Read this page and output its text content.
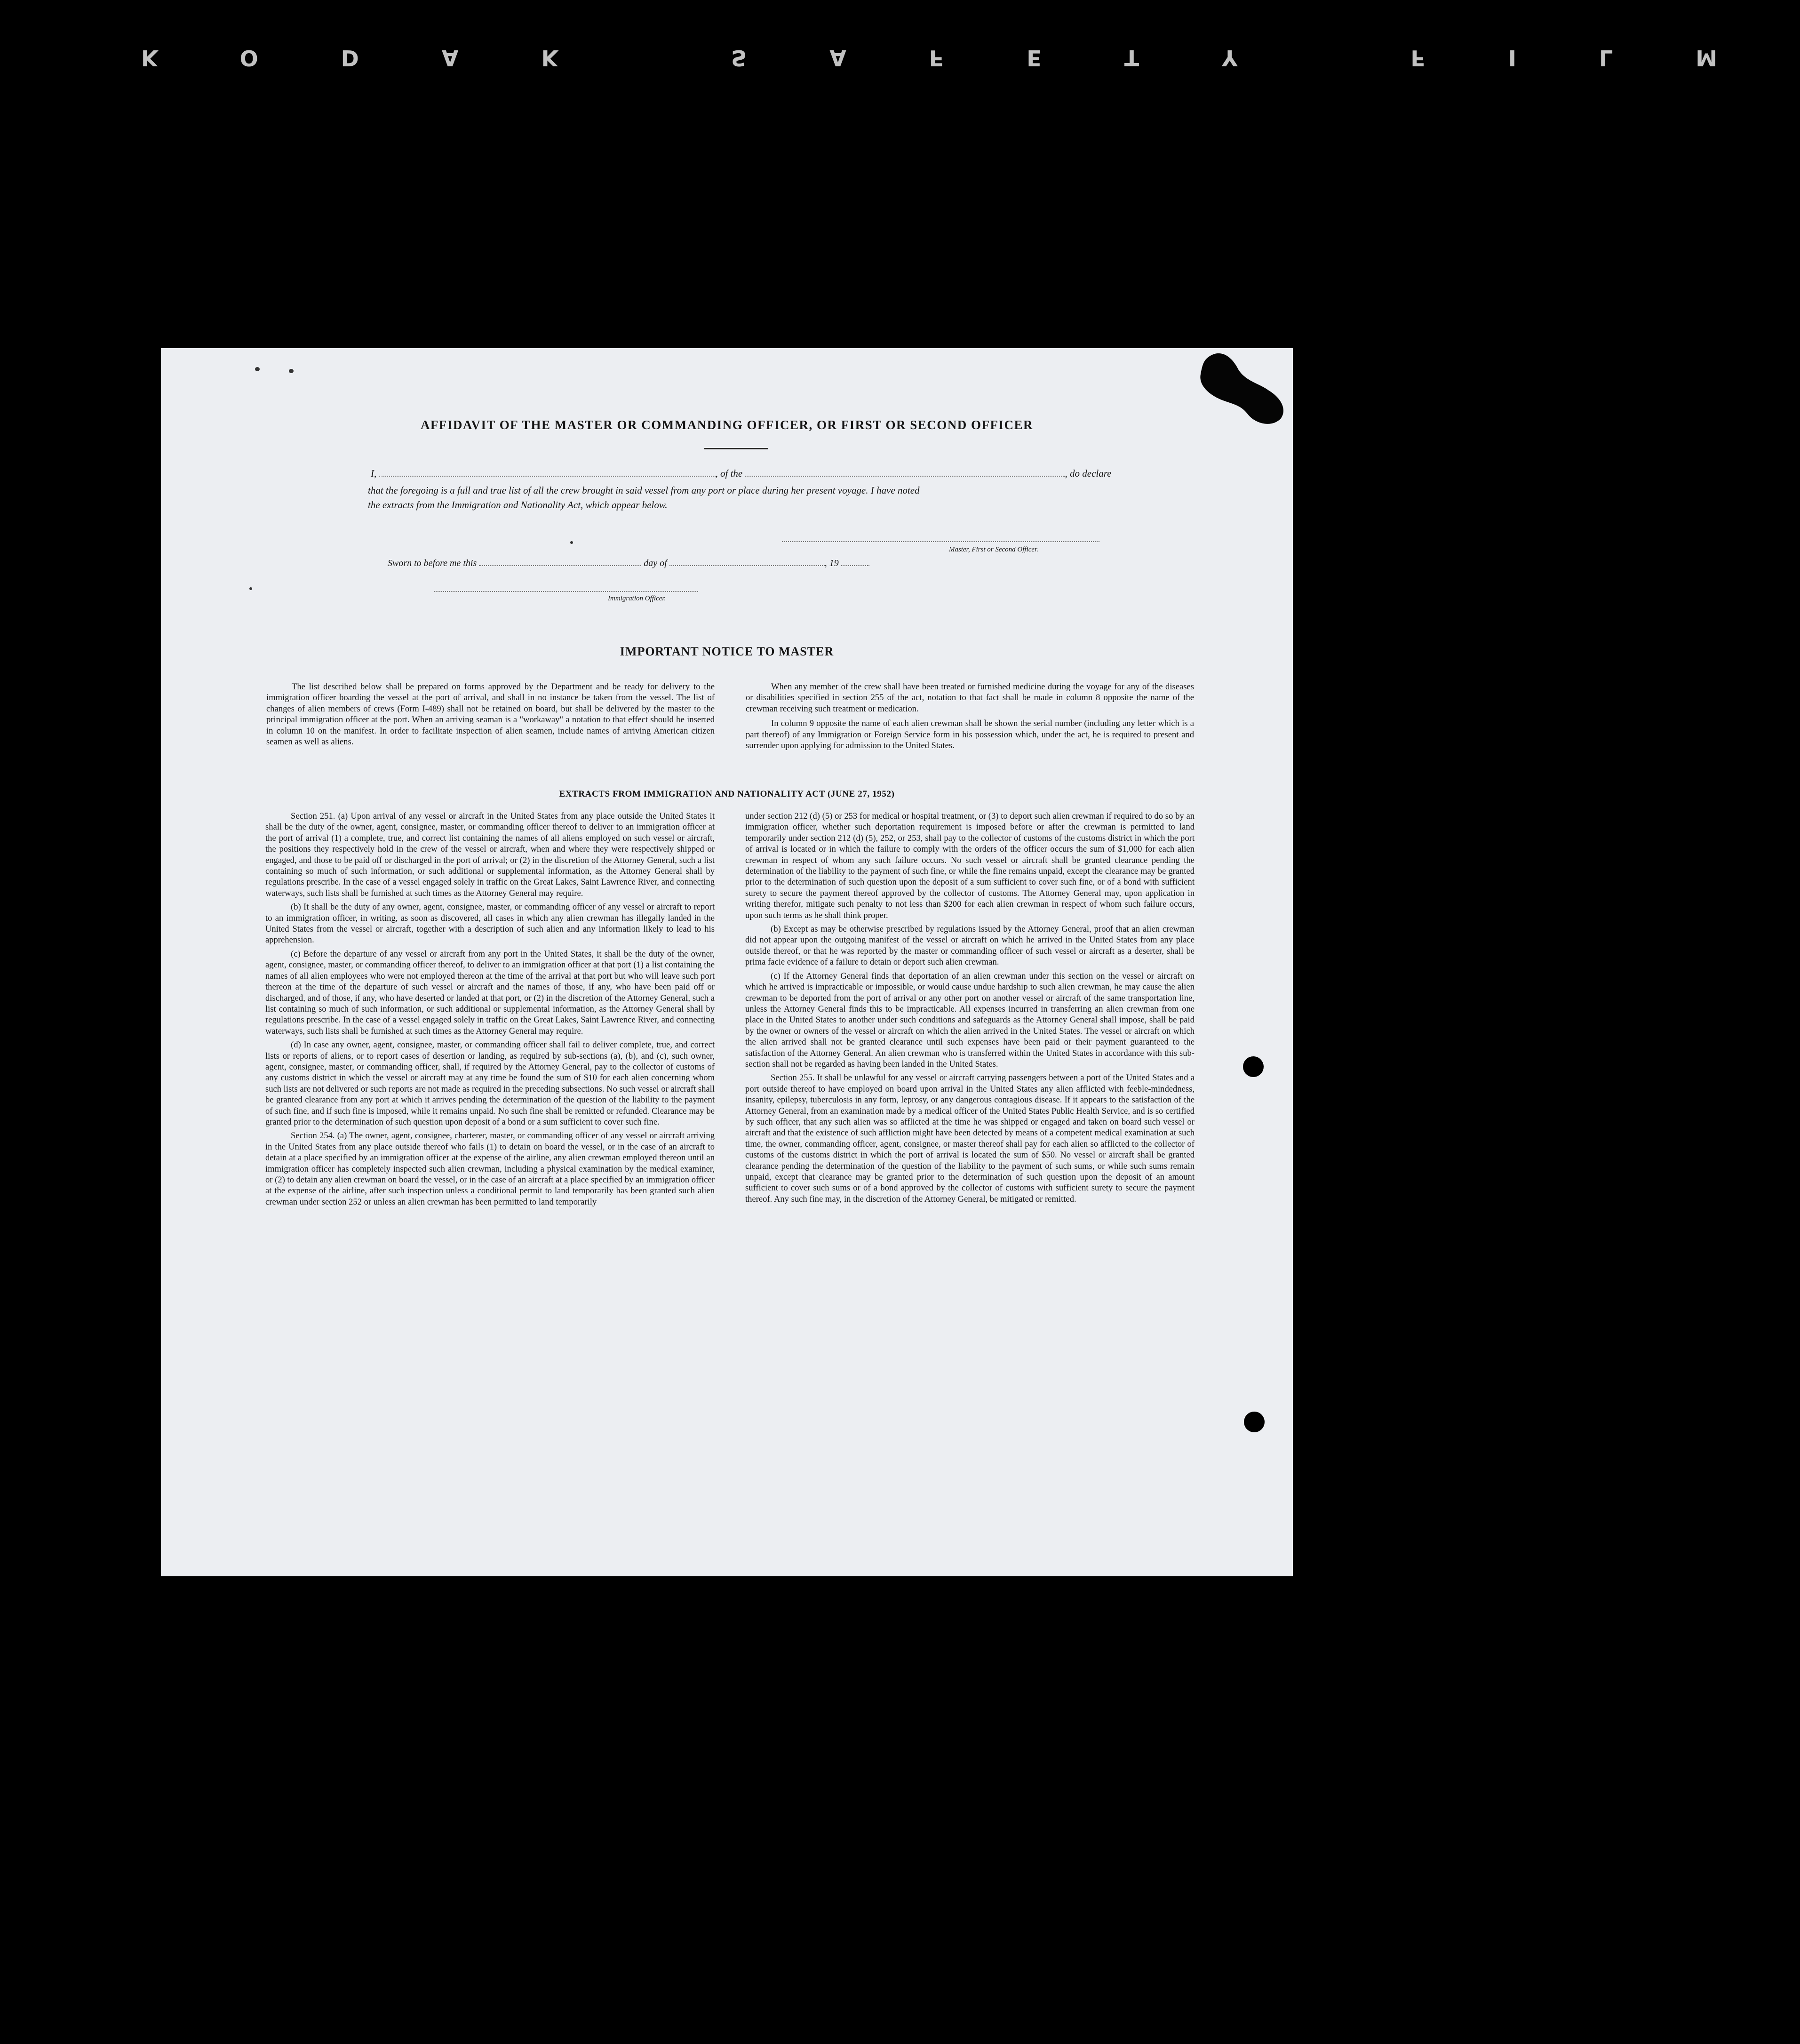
KODAK SAFETY FILM
AFFIDAVIT OF THE MASTER OR COMMANDING OFFICER, OR FIRST OR SECOND OFFICER
I,	, of the	, do declare
that the foregoing is a full and true list of all the crew brought in said vessel from any port or place during her present voyage. I have noted
the extracts from the Immigration and Nationality Act, which appear below.
Master, First or Second Officer.
Sworn to before me this	day of	, 19
Immigration Officer.
IMPORTANT NOTICE TO MASTER

The list described below shall be prepared on forms approved by the Department and be ready for delivery to the immigration officer boarding the vessel at the port of arrival, and shall in no instance be taken from the vessel. The list of changes of alien members of crews (Form I-489) shall not be retained on board, but shall be delivered by the master to the principal immigration officer at the port. When an arriving seaman is a "workaway" a notation to that effect should be inserted in column 10 on the manifest. In order to facilitate inspection of alien seamen, include names of arriving American citizen seamen as well as aliens.

When any member of the crew shall have been treated or furnished medicine during the voyage for any of the diseases or disabilities specified in section 255 of the act, notation to that fact shall be made in column 8 opposite the name of the crewman receiving such treatment or medication.

In column 9 opposite the name of each alien crewman shall be shown the serial number (including any letter which is a part thereof) of any Immigration or Foreign Service form in his possession which, under the act, he is required to present and surrender upon applying for admission to the United States.

EXTRACTS FROM IMMIGRATION AND NATIONALITY ACT (JUNE 27, 1952)

Section 251. (a) Upon arrival of any vessel or aircraft in the United States from any place outside the United States it shall be the duty of the owner, agent, consignee, master, or commanding officer thereof to deliver to an immigration officer at the port of arrival (1) a complete, true, and correct list containing the names of all aliens employed on such vessel or aircraft, the positions they respectively hold in the crew of the vessel or aircraft, when and where they were respectively shipped or engaged, and those to be paid off or discharged in the port of arrival; or (2) in the discretion of the Attorney General, such a list containing so much of such information, or such additional or supplemental information, as the Attorney General shall by regulations prescribe. In the case of a vessel engaged solely in traffic on the Great Lakes, Saint Lawrence River, and connecting waterways, such lists shall be furnished at such times as the Attorney General may require.

(b) It shall be the duty of any owner, agent, consignee, master, or commanding officer of any vessel or aircraft to report to an immigration officer, in writing, as soon as discovered, all cases in which any alien crewman has illegally landed in the United States from the vessel or aircraft, together with a description of such alien and any information likely to lead to his apprehension.

(c) Before the departure of any vessel or aircraft from any port in the United States, it shall be the duty of the owner, agent, consignee, master, or commanding officer thereof, to deliver to an immigration officer at that port (1) a list containing the names of all alien employees who were not employed thereon at the time of the arrival at that port but who will leave such port thereon at the time of the departure of such vessel or aircraft and the names of those, if any, who have been paid off or discharged, and of those, if any, who have deserted or landed at that port, or (2) in the discretion of the Attorney General, such a list containing so much of such information, or such additional or supplemental information, as the Attorney General shall by regulations prescribe. In the case of a vessel engaged solely in traffic on the Great Lakes, Saint Lawrence River, and connecting waterways, such lists shall be furnished at such times as the Attorney General may require.

(d) In case any owner, agent, consignee, master, or commanding officer shall fail to deliver complete, true, and correct lists or reports of aliens, or to report cases of desertion or landing, as required by sub-sections (a), (b), and (c), such owner, agent, consignee, master, or commanding officer, shall, if required by the Attorney General, pay to the collector of customs of any customs district in which the vessel or aircraft may at any time be found the sum of $10 for each alien concerning whom such lists are not delivered or such reports are not made as required in the preceding subsections. No such vessel or aircraft shall be granted clearance from any port at which it arrives pending the determination of the question of the liability to the payment of such fine, and if such fine is imposed, while it remains unpaid. No such fine shall be remitted or refunded. Clearance may be granted prior to the determination of such question upon deposit of a bond or a sum sufficient to cover such fine.

Section 254. (a) The owner, agent, consignee, charterer, master, or commanding officer of any vessel or aircraft arriving in the United States from any place outside thereof who fails (1) to detain on board the vessel, or in the case of an aircraft to detain at a place specified by an immigration officer at the expense of the airline, any alien crewman employed thereon until an immigration officer has completely inspected such alien crewman, including a physical examination by the medical examiner, or (2) to detain any alien crewman on board the vessel, or in the case of an aircraft at a place specified by an immigration officer at the expense of the airline, after such inspection unless a conditional permit to land temporarily has been granted such alien crewman under section 252 or unless an alien crewman has been permitted to land temporarily

under section 212 (d) (5) or 253 for medical or hospital treatment, or (3) to deport such alien crewman if required to do so by an immigration officer, whether such deportation requirement is imposed before or after the crewman is permitted to land temporarily under section 212 (d) (5), 252, or 253, shall pay to the collector of customs of the customs district in which the port of arrival is located or in which the failure to comply with the orders of the officer occurs the sum of $1,000 for each alien crewman in respect of whom any such failure occurs. No such vessel or aircraft shall be granted clearance pending the determination of the liability to the payment of such fine, or while the fine remains unpaid, except the clearance may be granted prior to the determination of such question upon the deposit of a sum sufficient to cover such fine, or of a bond with sufficient surety to secure the payment thereof approved by the collector of customs. The Attorney General may, upon application in writing therefor, mitigate such penalty to not less than $200 for each alien crewman in respect of whom such failure occurs, upon such terms as he shall think proper.

(b) Except as may be otherwise prescribed by regulations issued by the Attorney General, proof that an alien crewman did not appear upon the outgoing manifest of the vessel or aircraft on which he arrived in the United States from any place outside thereof, or that he was reported by the master or commanding officer of such vessel or aircraft as a deserter, shall be prima facie evidence of a failure to detain or deport such alien crewman.

(c) If the Attorney General finds that deportation of an alien crewman under this section on the vessel or aircraft on which he arrived is impracticable or impossible, or would cause undue hardship to such alien crewman, he may cause the alien crewman to be deported from the port of arrival or any other port on another vessel or aircraft of the same transportation line, unless the Attorney General finds this to be impracticable. All expenses incurred in transferring an alien crewman from one place in the United States to another under such conditions and safeguards as the Attorney General shall impose, shall be paid by the owner or owners of the vessel or aircraft on which the alien arrived in the United States. The vessel or aircraft on which the alien arrived shall not be granted clearance until such expenses have been paid or their payment guaranteed to the satisfaction of the Attorney General. An alien crewman who is transferred within the United States in accordance with this sub-section shall not be regarded as having been landed in the United States.

Section 255. It shall be unlawful for any vessel or aircraft carrying passengers between a port of the United States and a port outside thereof to have employed on board upon arrival in the United States any alien afflicted with feeble-mindedness, insanity, epilepsy, tuberculosis in any form, leprosy, or any dangerous contagious disease. If it appears to the satisfaction of the Attorney General, from an examination made by a medical officer of the United States Public Health Service, and is so certified by such officer, that any such alien was so afflicted at the time he was shipped or engaged and taken on board such vessel or aircraft and that the existence of such affliction might have been detected by means of a competent medical examination at such time, the owner, commanding officer, agent, consignee, or master thereof shall pay for each alien so afflicted to the collector of customs of the customs district in which the port of arrival is located the sum of $50. No vessel or aircraft shall be granted clearance pending the determination of the question of the liability to the payment of such sums, or while such sums remain unpaid, except that clearance may be granted prior to the determination of such question upon the deposit of an amount sufficient to cover such sums or of a bond approved by the collector of customs with sufficient surety to secure the payment thereof. Any such fine may, in the discretion of the Attorney General, be mitigated or remitted.
